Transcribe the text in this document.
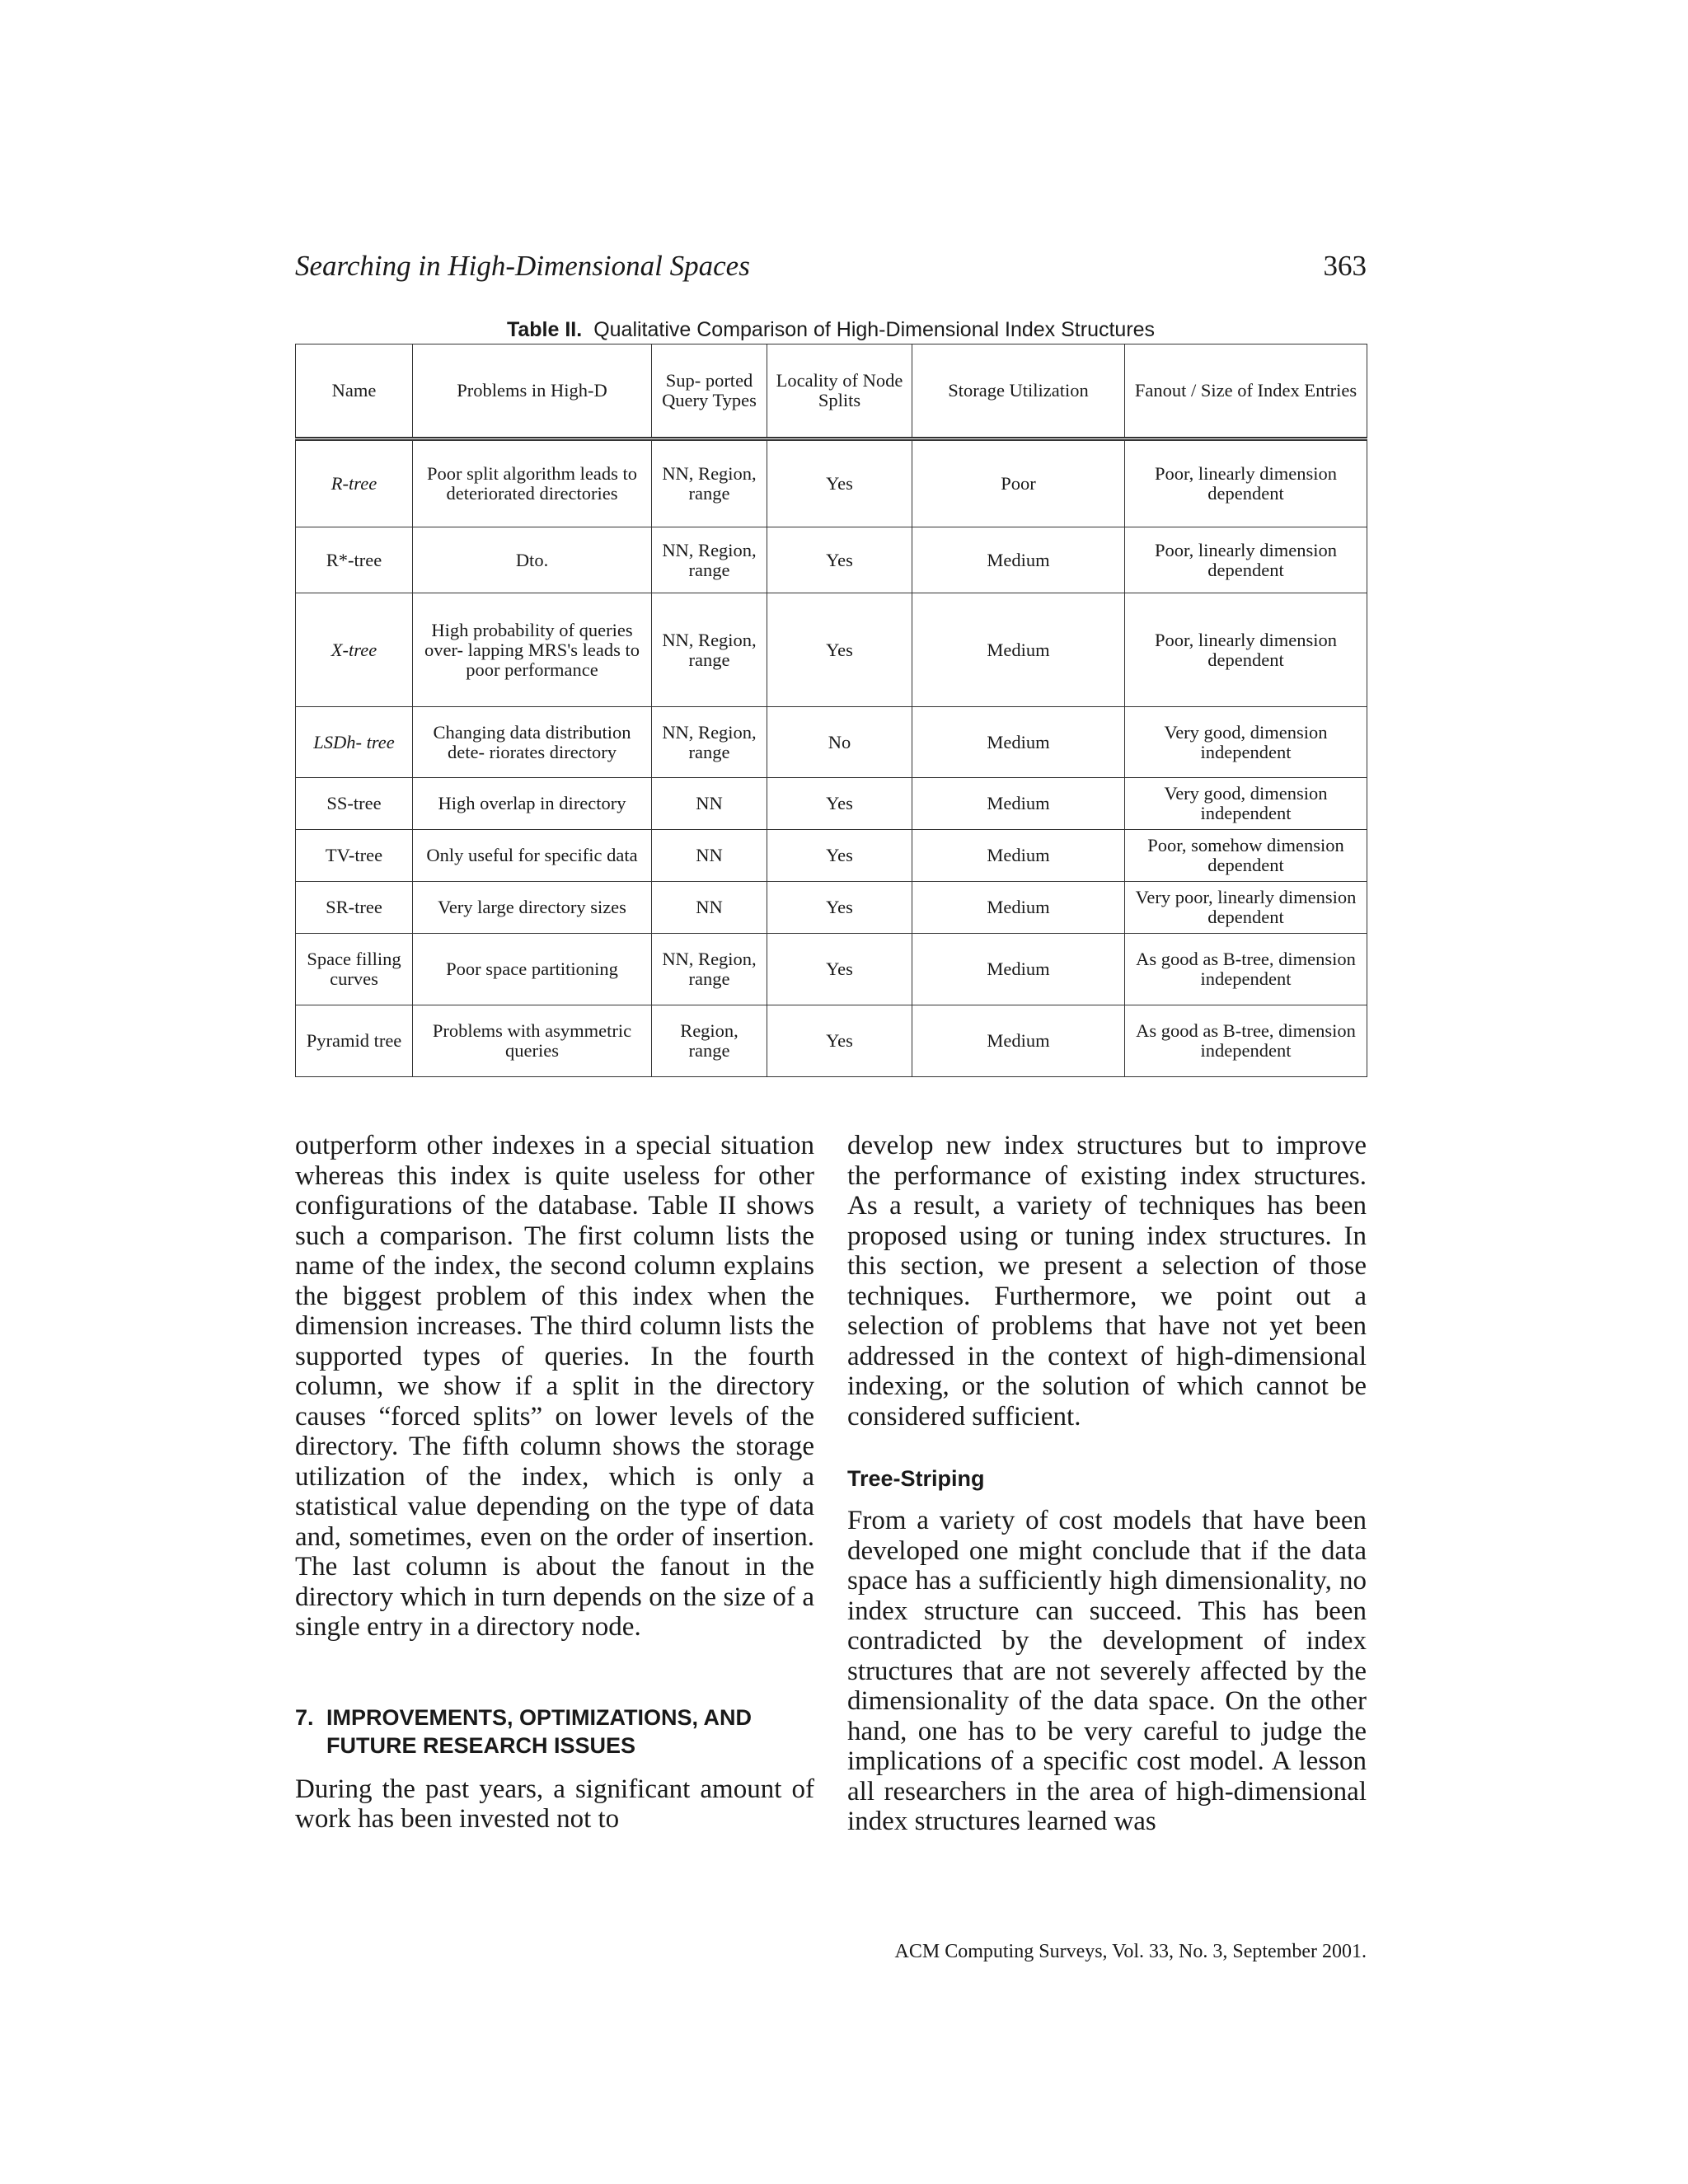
Searching in High-Dimensional Spaces	363
Table II. Qualitative Comparison of High-Dimensional Index Structures
Name	Problems in High-D	Sup- ported Query Types	Locality of Node Splits	Storage Utilization	Fanout / Size of Index Entries
R-tree	Poor split algorithm leads to deteriorated directories	NN, Region, range	Yes	Poor	Poor, linearly dimension dependent
R*-tree	Dto.	NN, Region, range	Yes	Medium	Poor, linearly dimension dependent
X-tree	High probability of queries over- lapping MRS's leads to poor performance	NN, Region, range	Yes	Medium	Poor, linearly dimension dependent
LSDh- tree	Changing data distribution dete- riorates directory	NN, Region, range	No	Medium	Very good, dimension independent
SS-tree	High overlap in directory	NN	Yes	Medium	Very good, dimension independent
TV-tree	Only useful for specific data	NN	Yes	Medium	Poor, somehow dimension dependent
SR-tree	Very large directory sizes	NN	Yes	Medium	Very poor, linearly dimension dependent
Space filling curves	Poor space partitioning	NN, Region, range	Yes	Medium	As good as B-tree, dimension independent
Pyramid tree	Problems with asymmetric queries	Region, range	Yes	Medium	As good as B-tree, dimension independent

outperform other indexes in a special situation whereas this index is quite useless for other configurations of the database. Table II shows such a comparison. The first column lists the name of the index, the second column explains the biggest problem of this index when the dimension increases. The third column lists the supported types of queries. In the fourth column, we show if a split in the directory causes “forced splits” on lower levels of the directory. The fifth column shows the storage utilization of the index, which is only a statistical value depending on the type of data and, sometimes, even on the order of insertion. The last column is about the fanout in the directory which in turn depends on the size of a single entry in a directory node.

7. IMPROVEMENTS, OPTIMIZATIONS, AND
FUTURE RESEARCH ISSUES

During the past years, a significant amount of work has been invested not to

develop new index structures but to improve the performance of existing index structures. As a result, a variety of techniques has been proposed using or tuning index structures. In this section, we present a selection of those techniques. Furthermore, we point out a selection of problems that have not yet been addressed in the context of high-dimensional indexing, or the solution of which cannot be considered sufficient.

Tree-Striping

From a variety of cost models that have been developed one might conclude that if the data space has a sufficiently high dimensionality, no index structure can succeed. This has been contradicted by the development of index structures that are not severely affected by the dimensionality of the data space. On the other hand, one has to be very careful to judge the implications of a specific cost model. A lesson all researchers in the area of high-dimensional index structures learned was

ACM Computing Surveys, Vol. 33, No. 3, September 2001.
